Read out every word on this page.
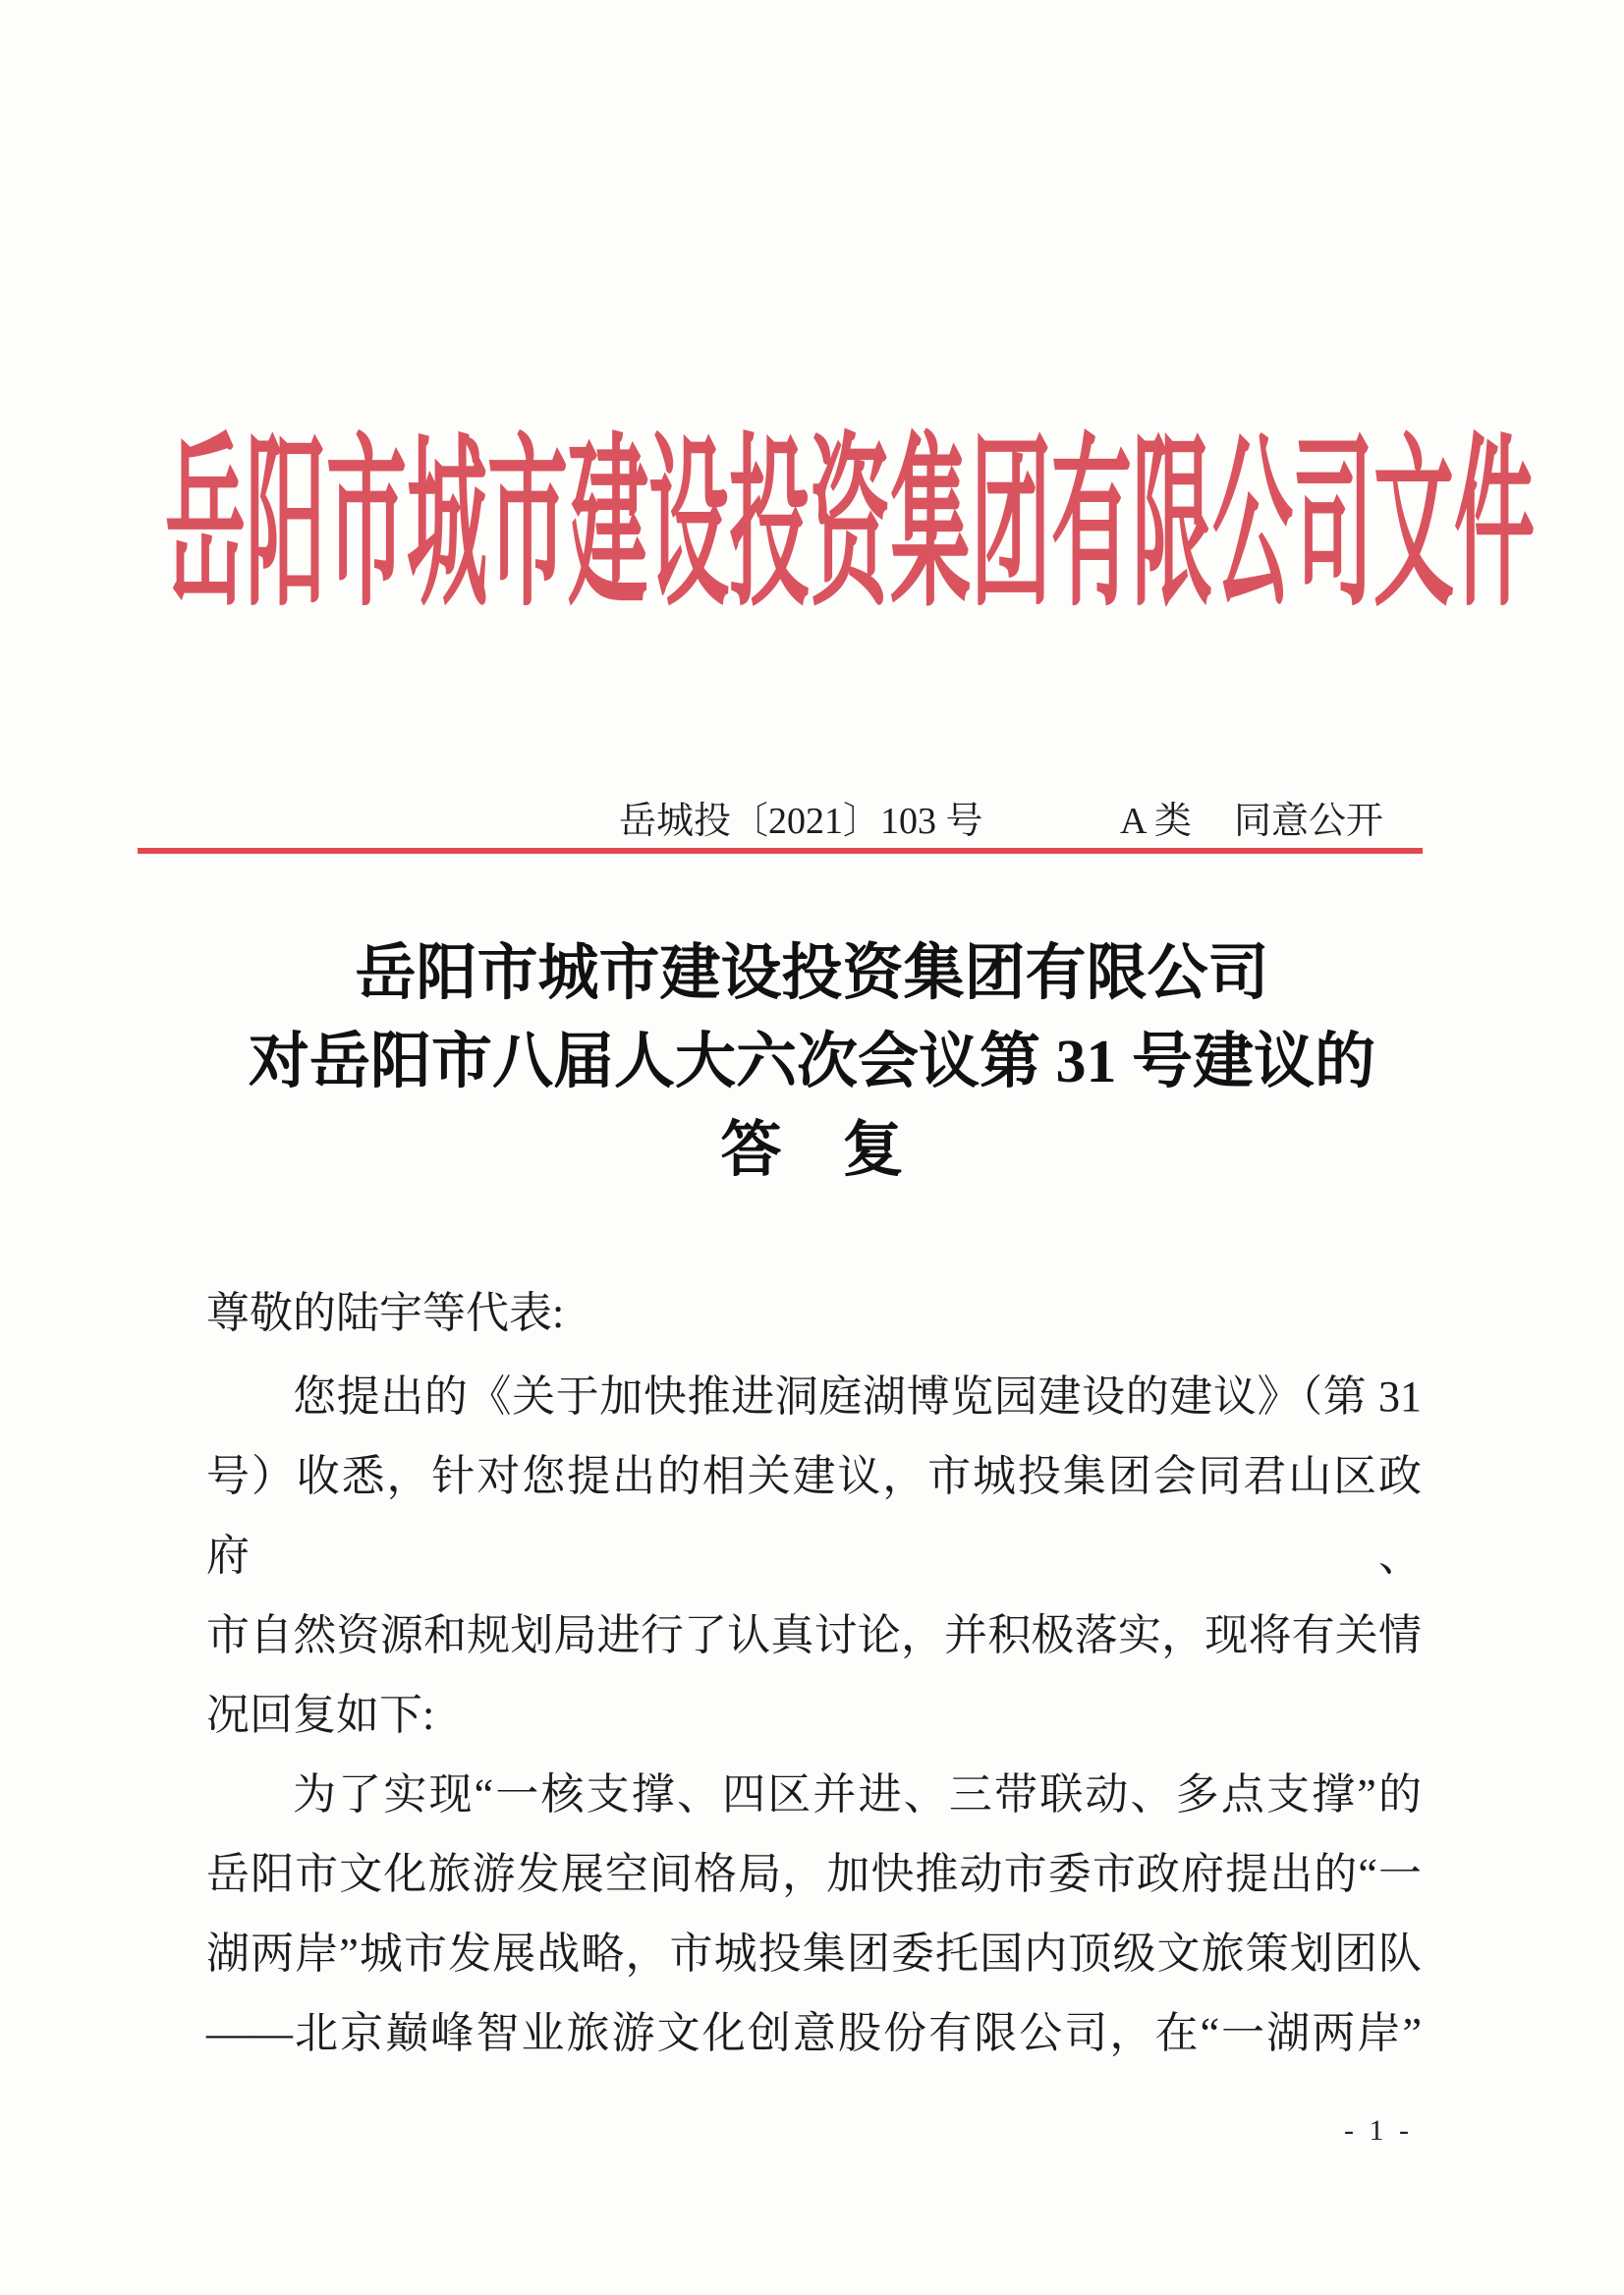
岳阳市城市建设投资集团有限公司文件
岳城投〔2021〕103 号	A 类 同意公开
岳阳市城市建设投资集团有限公司
对岳阳市八届人大六次会议第 31 号建议的
答　复
尊敬的陆宇等代表:
您提出的《关于加快推进洞庭湖博览园建设的建议》（第 31
号）收悉，针对您提出的相关建议，市城投集团会同君山区政府、
市自然资源和规划局进行了认真讨论，并积极落实，现将有关情
况回复如下:
为了实现“一核支撑、四区并进、三带联动、多点支撑”的
岳阳市文化旅游发展空间格局，加快推动市委市政府提出的“一
湖两岸”城市发展战略，市城投集团委托国内顶级文旅策划团队
——北京巅峰智业旅游文化创意股份有限公司，在“一湖两岸”
- 1 -
